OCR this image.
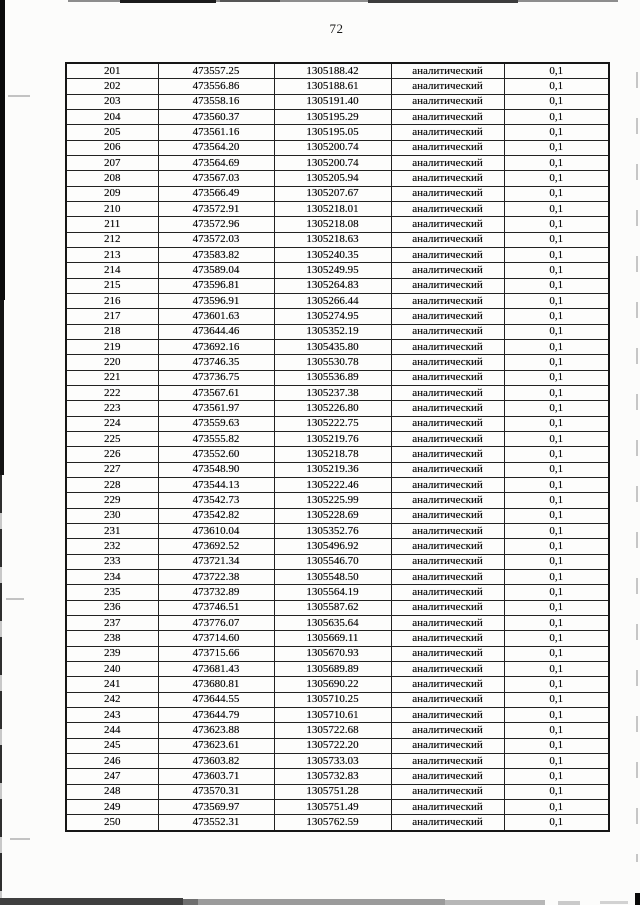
72
201	473557.25	1305188.42	аналитический	0,1
202	473556.86	1305188.61	аналитический	0,1
203	473558.16	1305191.40	аналитический	0,1
204	473560.37	1305195.29	аналитический	0,1
205	473561.16	1305195.05	аналитический	0,1
206	473564.20	1305200.74	аналитический	0,1
207	473564.69	1305200.74	аналитический	0,1
208	473567.03	1305205.94	аналитический	0,1
209	473566.49	1305207.67	аналитический	0,1
210	473572.91	1305218.01	аналитический	0,1
211	473572.96	1305218.08	аналитический	0,1
212	473572.03	1305218.63	аналитический	0,1
213	473583.82	1305240.35	аналитический	0,1
214	473589.04	1305249.95	аналитический	0,1
215	473596.81	1305264.83	аналитический	0,1
216	473596.91	1305266.44	аналитический	0,1
217	473601.63	1305274.95	аналитический	0,1
218	473644.46	1305352.19	аналитический	0,1
219	473692.16	1305435.80	аналитический	0,1
220	473746.35	1305530.78	аналитический	0,1
221	473736.75	1305536.89	аналитический	0,1
222	473567.61	1305237.38	аналитический	0,1
223	473561.97	1305226.80	аналитический	0,1
224	473559.63	1305222.75	аналитический	0,1
225	473555.82	1305219.76	аналитический	0,1
226	473552.60	1305218.78	аналитический	0,1
227	473548.90	1305219.36	аналитический	0,1
228	473544.13	1305222.46	аналитический	0,1
229	473542.73	1305225.99	аналитический	0,1
230	473542.82	1305228.69	аналитический	0,1
231	473610.04	1305352.76	аналитический	0,1
232	473692.52	1305496.92	аналитический	0,1
233	473721.34	1305546.70	аналитический	0,1
234	473722.38	1305548.50	аналитический	0,1
235	473732.89	1305564.19	аналитический	0,1
236	473746.51	1305587.62	аналитический	0,1
237	473776.07	1305635.64	аналитический	0,1
238	473714.60	1305669.11	аналитический	0,1
239	473715.66	1305670.93	аналитический	0,1
240	473681.43	1305689.89	аналитический	0,1
241	473680.81	1305690.22	аналитический	0,1
242	473644.55	1305710.25	аналитический	0,1
243	473644.79	1305710.61	аналитический	0,1
244	473623.88	1305722.68	аналитический	0,1
245	473623.61	1305722.20	аналитический	0,1
246	473603.82	1305733.03	аналитический	0,1
247	473603.71	1305732.83	аналитический	0,1
248	473570.31	1305751.28	аналитический	0,1
249	473569.97	1305751.49	аналитический	0,1
250	473552.31	1305762.59	аналитический	0,1
